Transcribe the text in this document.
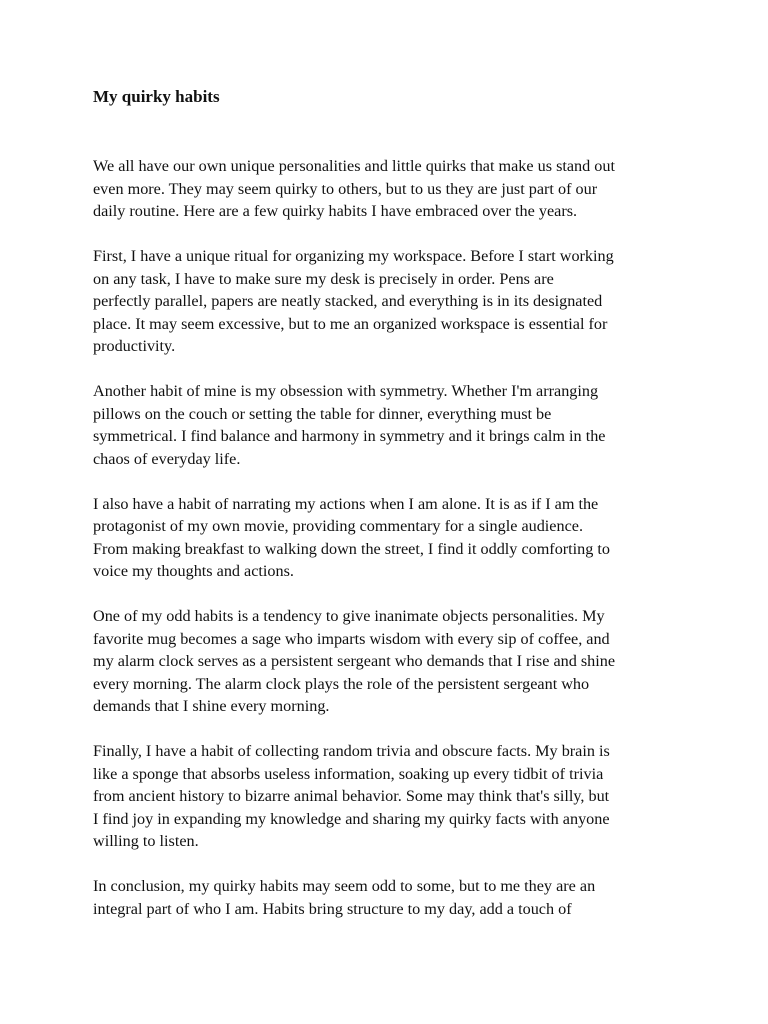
My quirky habits

We all have our own unique personalities and little quirks that make us stand out
even more. They may seem quirky to others, but to us they are just part of our
daily routine. Here are a few quirky habits I have embraced over the years.

First, I have a unique ritual for organizing my workspace. Before I start working
on any task, I have to make sure my desk is precisely in order. Pens are
perfectly parallel, papers are neatly stacked, and everything is in its designated
place. It may seem excessive, but to me an organized workspace is essential for
productivity.

Another habit of mine is my obsession with symmetry. Whether I'm arranging
pillows on the couch or setting the table for dinner, everything must be
symmetrical. I find balance and harmony in symmetry and it brings calm in the
chaos of everyday life.

I also have a habit of narrating my actions when I am alone. It is as if I am the
protagonist of my own movie, providing commentary for a single audience.
From making breakfast to walking down the street, I find it oddly comforting to
voice my thoughts and actions.

One of my odd habits is a tendency to give inanimate objects personalities. My
favorite mug becomes a sage who imparts wisdom with every sip of coffee, and
my alarm clock serves as a persistent sergeant who demands that I rise and shine
every morning. The alarm clock plays the role of the persistent sergeant who
demands that I shine every morning.

Finally, I have a habit of collecting random trivia and obscure facts. My brain is
like a sponge that absorbs useless information, soaking up every tidbit of trivia
from ancient history to bizarre animal behavior. Some may think that's silly, but
I find joy in expanding my knowledge and sharing my quirky facts with anyone
willing to listen.

In conclusion, my quirky habits may seem odd to some, but to me they are an
integral part of who I am. Habits bring structure to my day, add a touch of
